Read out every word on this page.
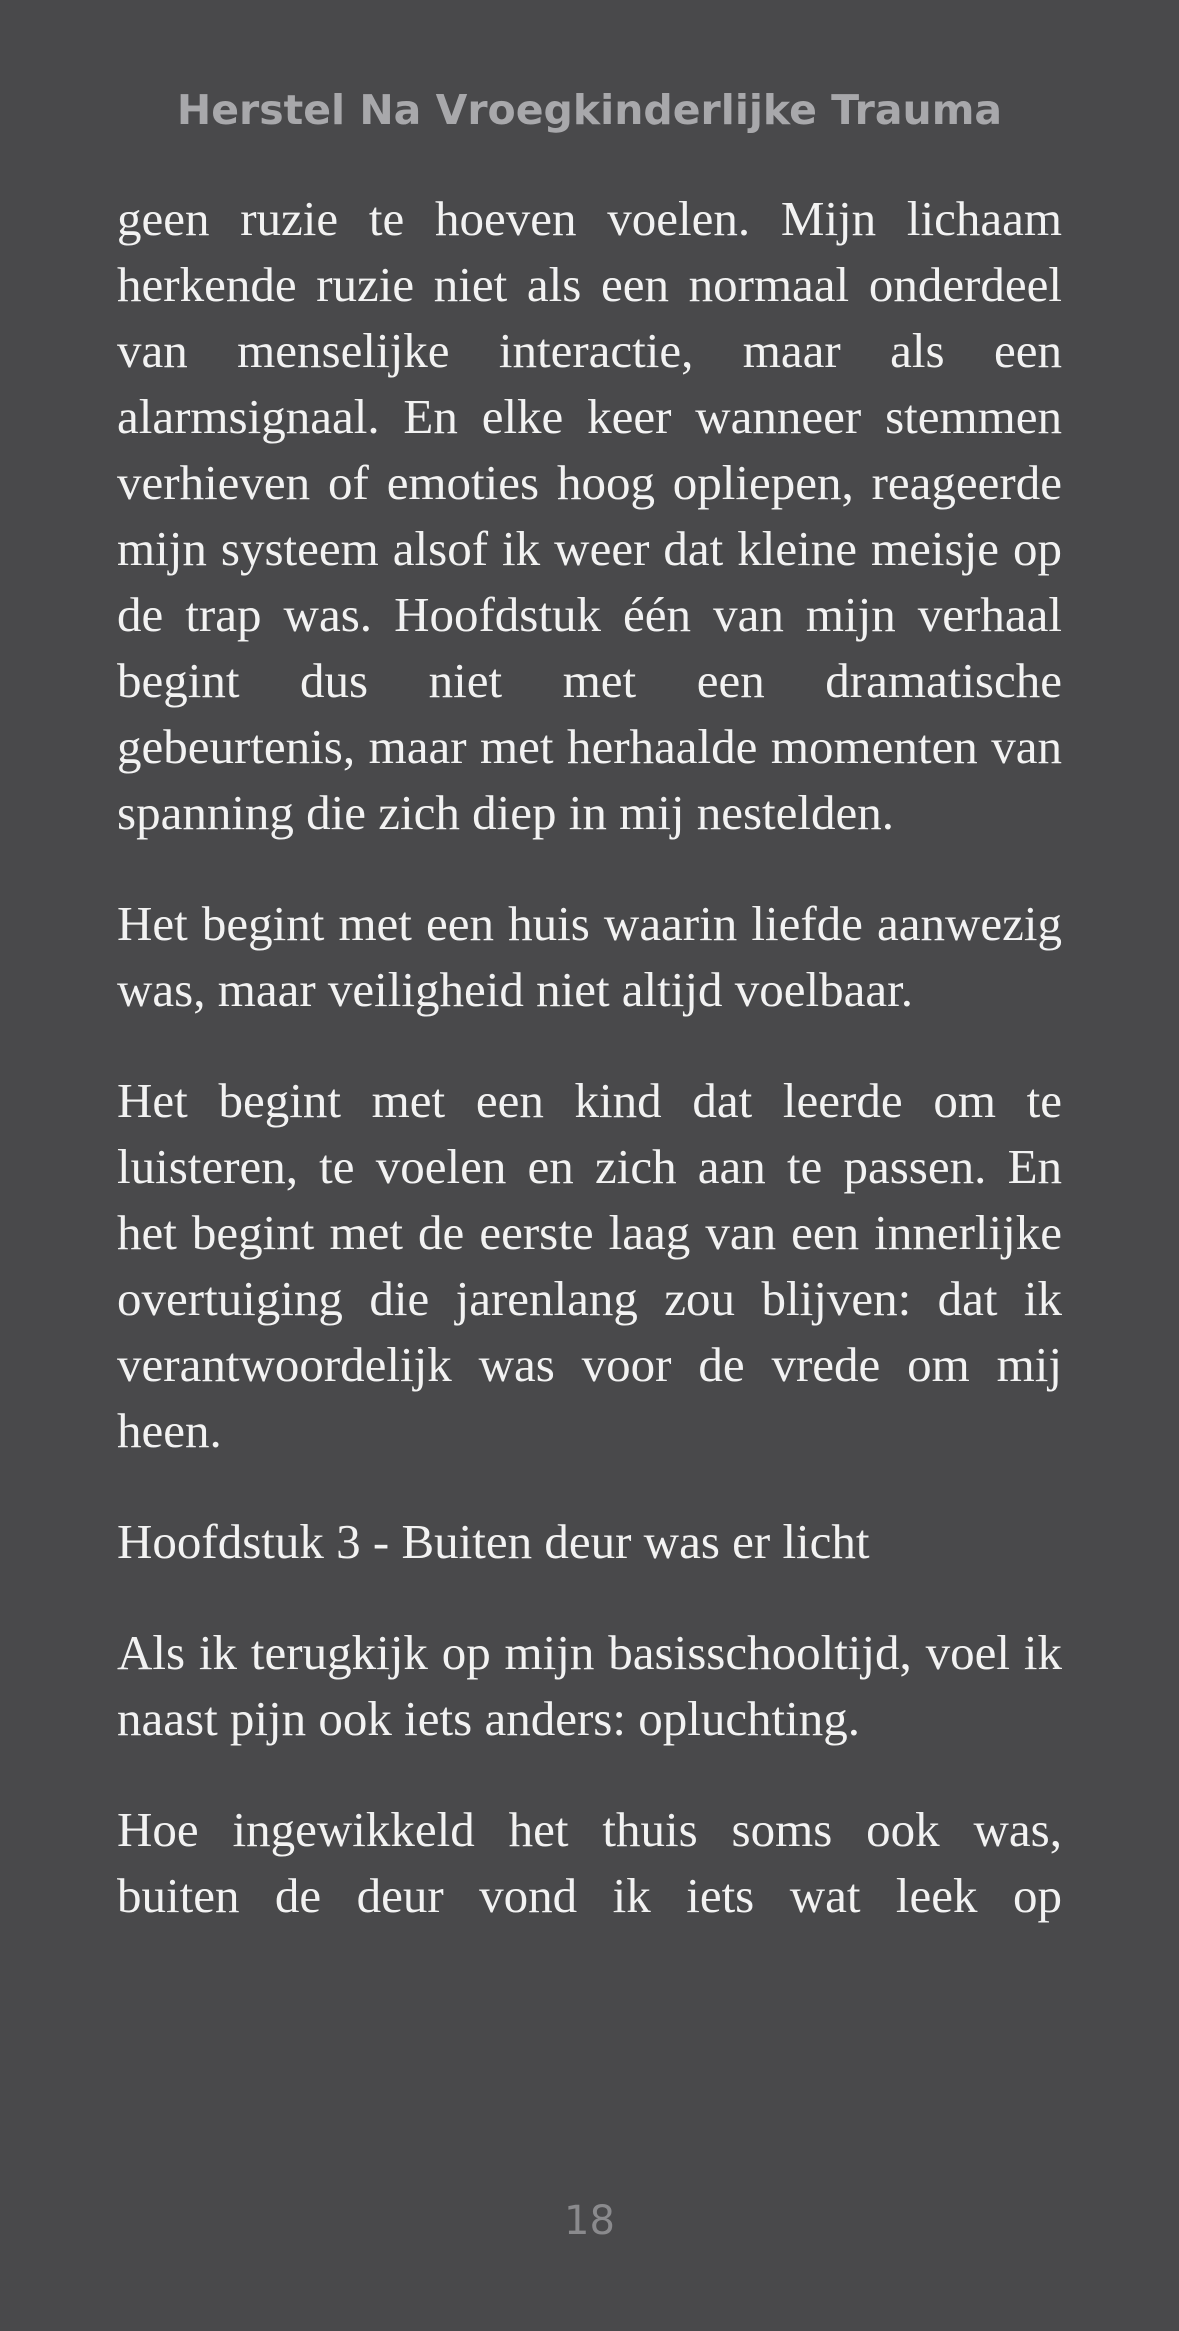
Herstel Na Vroegkinderlijke Trauma

geen ruzie te hoeven voelen. Mijn lichaam herkende ruzie niet als een normaal onderdeel van menselijke interactie, maar als een alarmsignaal. En elke keer wanneer stemmen verhieven of emoties hoog opliepen, reageerde mijn systeem alsof ik weer dat kleine meisje op de trap was. Hoofdstuk één van mijn verhaal begint dus niet met een dramatische gebeurtenis, maar met herhaalde momenten van spanning die zich diep in mij nestelden.

Het begint met een huis waarin liefde aanwezig was, maar veiligheid niet altijd voelbaar.

Het begint met een kind dat leerde om te luisteren, te voelen en zich aan te passen. En het begint met de eerste laag van een innerlijke overtuiging die jarenlang zou blijven: dat ik verantwoordelijk was voor de vrede om mij heen.

Hoofdstuk 3 - Buiten deur was er licht

Als ik terugkijk op mijn basisschooltijd, voel ik naast pijn ook iets anders: opluchting.

Hoe ingewikkeld het thuis soms ook was, buiten de deur vond ik iets wat leek op

18
